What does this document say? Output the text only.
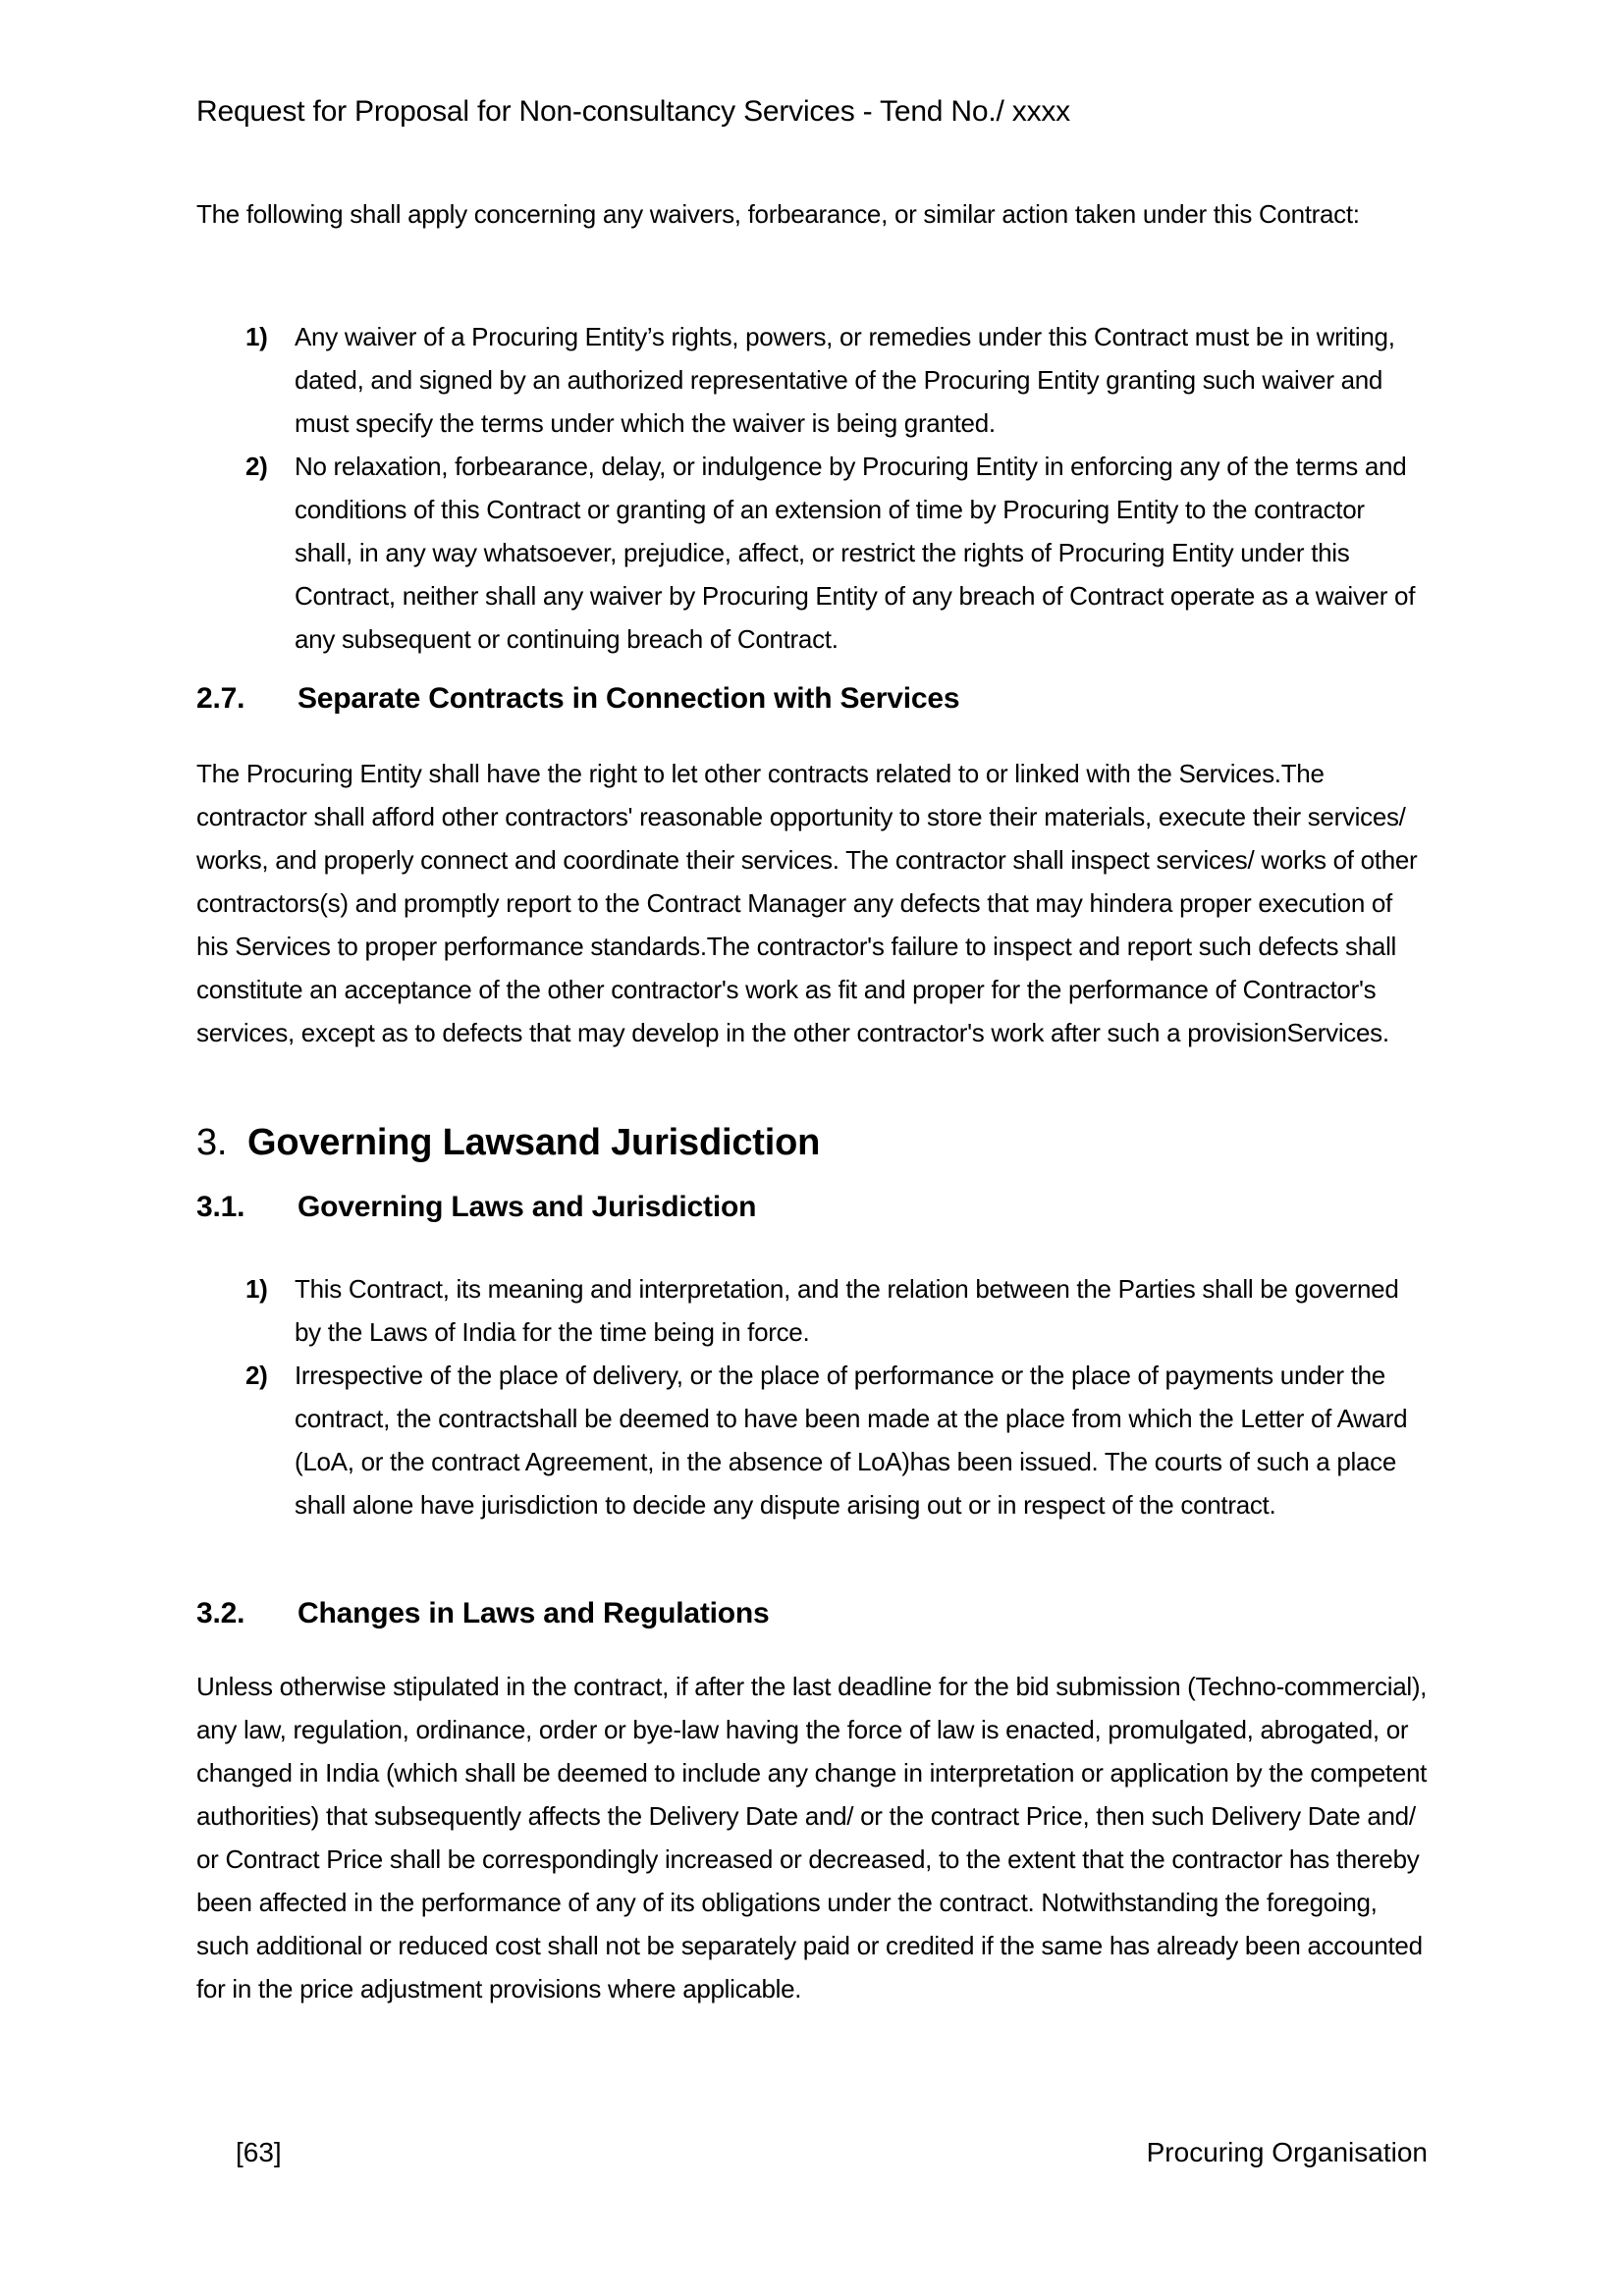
Request for Proposal for Non-consultancy Services - Tend No./ xxxx
The following shall apply concerning any waivers, forbearance, or similar action taken under this Contract:
1)	Any waiver of a Procuring Entity’s rights, powers, or remedies under this Contract must be in writing, dated, and signed by an authorized representative of the Procuring Entity granting such waiver and must specify the terms under which the waiver is being granted.
2)	No relaxation, forbearance, delay, or indulgence by Procuring Entity in enforcing any of the terms and conditions of this Contract or granting of an extension of time by Procuring Entity to the contractor shall, in any way whatsoever, prejudice, affect, or restrict the rights of Procuring Entity under this Contract, neither shall any waiver by Procuring Entity of any breach of Contract operate as a waiver of any subsequent or continuing breach of Contract.
2.7.	Separate Contracts in Connection with Services
The Procuring Entity shall have the right to let other contracts related to or linked with the Services.The contractor shall afford other contractors' reasonable opportunity to store their materials, execute their services/ works, and properly connect and coordinate their services. The contractor shall inspect services/ works of other contractors(s) and promptly report to the Contract Manager any defects that may hindera proper execution of his Services to proper performance standards.The contractor's failure to inspect and report such defects shall constitute an acceptance of the other contractor's work as fit and proper for the performance of Contractor's services, except as to defects that may develop in the other contractor's work after such a provisionServices.
3. Governing Lawsand Jurisdiction
3.1.	Governing Laws and Jurisdiction
1)	This Contract, its meaning and interpretation, and the relation between the Parties shall be governed by the Laws of India for the time being in force.
2)	Irrespective of the place of delivery, or the place of performance or the place of payments under the contract, the contractshall be deemed to have been made at the place from which the Letter of Award (LoA, or the contract Agreement, in the absence of LoA)has been issued. The courts of such a place shall alone have jurisdiction to decide any dispute arising out or in respect of the contract.
3.2.	Changes in Laws and Regulations
Unless otherwise stipulated in the contract, if after the last deadline for the bid submission (Techno-commercial), any law, regulation, ordinance, order or bye-law having the force of law is enacted, promulgated, abrogated, or changed in India (which shall be deemed to include any change in interpretation or application by the competent authorities) that subsequently affects the Delivery Date and/ or the contract Price, then such Delivery Date and/ or Contract Price shall be correspondingly increased or decreased, to the extent that the contractor has thereby been affected in the performance of any of its obligations under the contract. Notwithstanding the foregoing, such additional or reduced cost shall not be separately paid or credited if the same has already been accounted for in the price adjustment provisions where applicable.
[63]	Procuring Organisation
